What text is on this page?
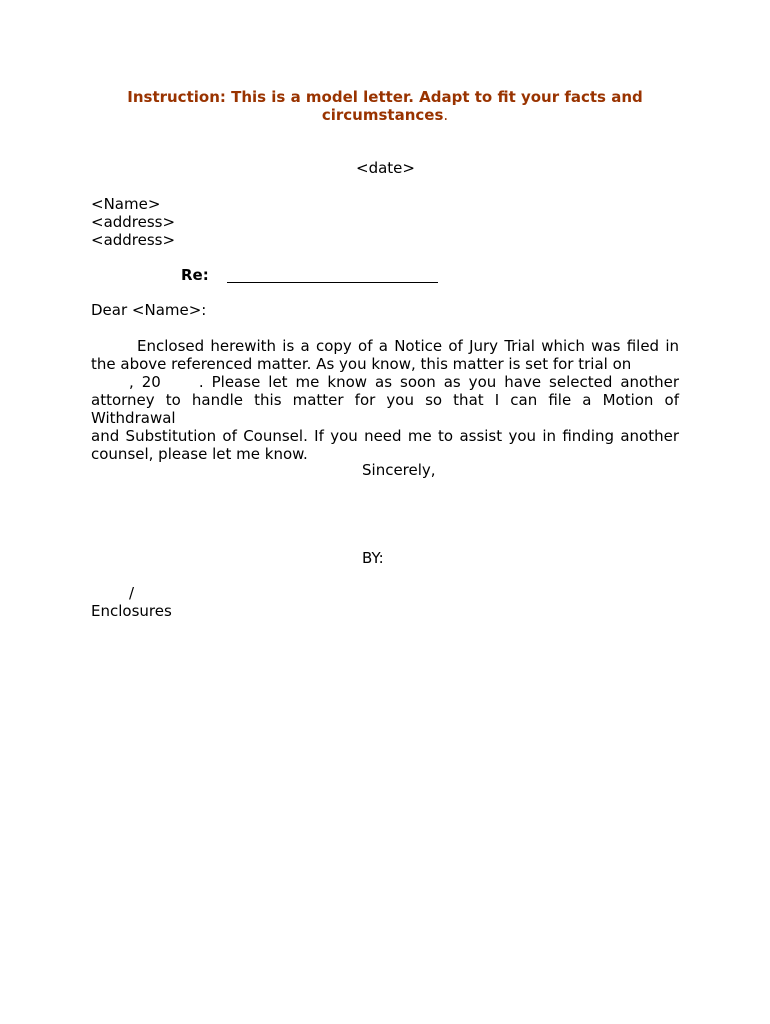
Instruction: This is a model letter. Adapt to fit your facts and
circumstances.
<date>
<Name>
<address>
<address>
Re:
Dear <Name>:
Enclosed herewith is a copy of a Notice of Jury Trial which was filed in
the above referenced matter. As you know, this matter is set for trial on
, 20	. Please let me know as soon as you have selected another
attorney to handle this matter for you so that I can file a Motion of Withdrawal
and Substitution of Counsel. If you need me to assist you in finding another
counsel, please let me know.
Sincerely,
BY:
/
Enclosures
